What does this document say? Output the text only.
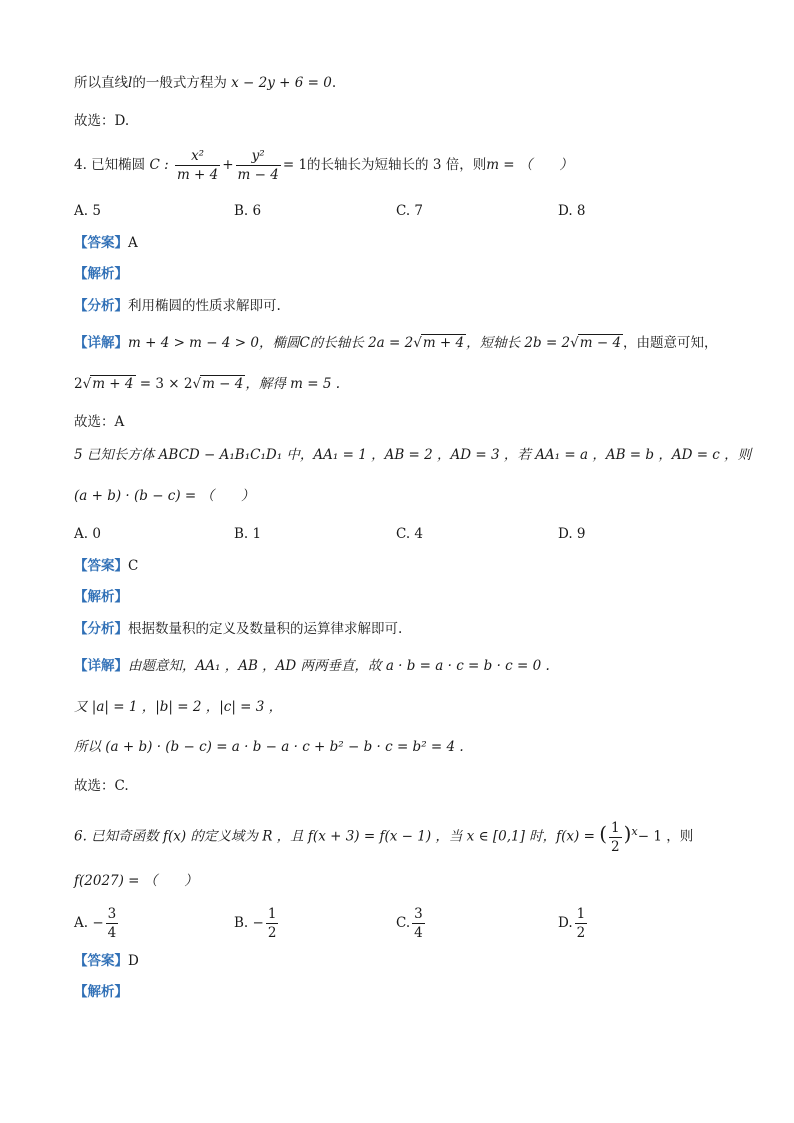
所以直线l的一般式方程为 x − 2y + 6 = 0.
故选：D.
4. 已知椭圆 C : $\frac{\text{x²}}{m + 4} + \frac{\text{y²}}{m - 4} = 1$的长轴长为短轴长的 3 倍，则m = （　　）
A. 5	B. 6	C. 7	D. 8
【答案】A
【解析】
【分析】利用椭圆的性质求解即可.
【详解】m + 4 > m − 4 > 0，椭圆C的长轴长 2a = 2√m + 4 ，短轴长 2b = 2√m − 4 ，由题意可知，
2√m + 4 = 3 × 2√m − 4 ，解得 m = 5 .
故选：A
5 已知长方体 ABCD − A₁B₁C₁D₁ 中，AA₁ = 1 ，AB = 2 ，AD = 3 ，若 AA₁ = a ，AB = b ，AD = c ，则
(a + b) · (b − c) = （　　）
A. 0	B. 1	C. 4	D. 9
【答案】C
【解析】
【分析】根据数量积的定义及数量积的运算律求解即可.
【详解】由题意知，AA₁ ，AB ，AD 两两垂直，故 a · b = a · c = b · c = 0 .
又 |a| = 1 ，|b| = 2 ，|c| = 3 ，
所以 (a + b) · (b − c) = a · b − a · c + b² − b · c = b² = 4 .
故选：C.
6. 已知奇函数 f(x) 的定义域为 R ，且 f(x + 3) = f(x − 1) ，当 x ∈ [0,1] 时，f(x) = ( $\frac{1}{2} )^x- 1$ ，则
f(2027) = （　　）
A. − $\frac{3}{4}$	B. − $\frac{1}{2}$	C. $\frac{3}{4}$	D. $\frac{1}{2}$
【答案】D
【解析】
